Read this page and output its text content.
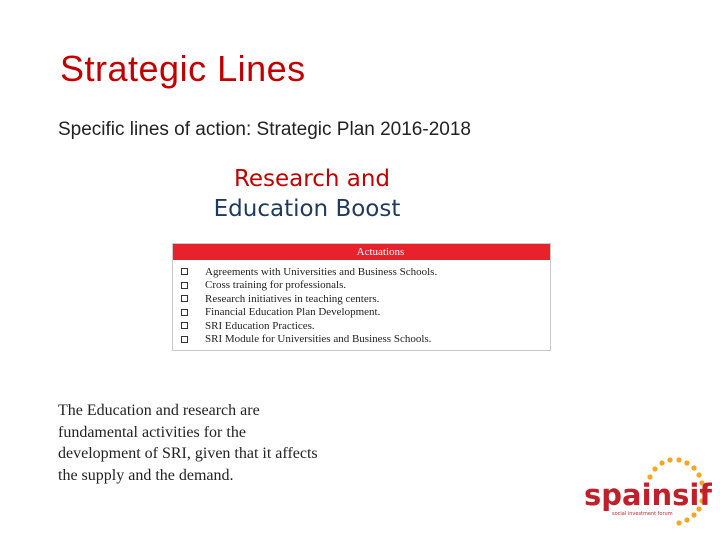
Strategic Lines
Specific lines of action: Strategic Plan 2016-2018
Research and
Education Boost
Actuations
Agreements with Universities and Business Schools.
Cross training for professionals.
Research initiatives in teaching centers.
Financial Education Plan Development.
SRI Education Practices.
SRI Module for Universities and Business Schools.
The Education and research are fundamental activities for the development of SRI, given that it affects the supply and the demand.
spainsif
social investment forum
